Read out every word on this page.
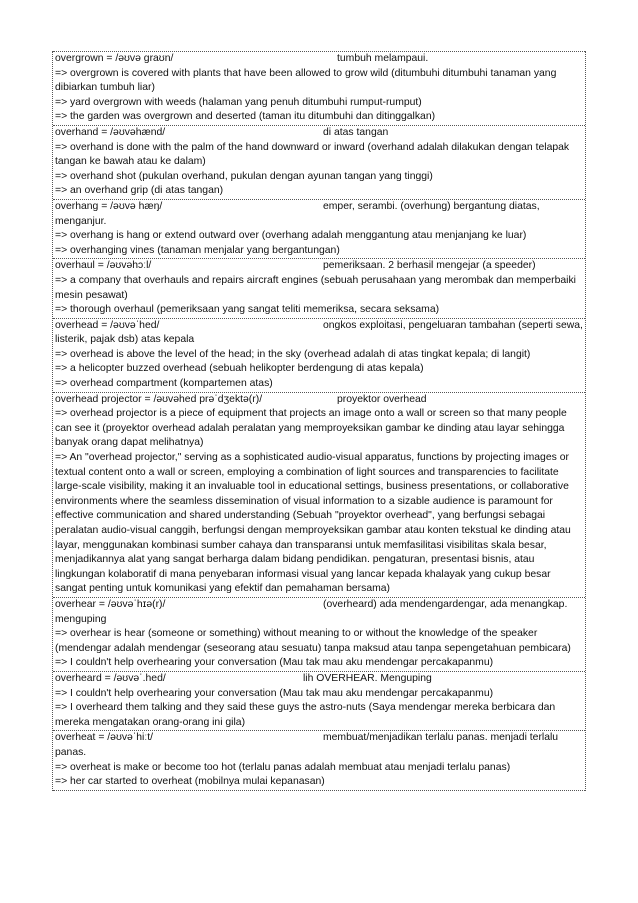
overgrown = /əʊvə graʊn/	tumbuh melampaui.
=> overgrown is covered with plants that have been allowed to grow wild (ditumbuhi ditumbuhi tanaman yang dibiarkan tumbuh liar)
=> yard overgrown with weeds (halaman yang penuh ditumbuhi rumput-rumput)
=> the garden was overgrown and deserted (taman itu ditumbuhi dan ditinggalkan)
overhand = /əʊvəhænd/	di atas tangan
=> overhand is done with the palm of the hand downward or inward (overhand adalah dilakukan dengan telapak tangan ke bawah atau ke dalam)
=> overhand shot (pukulan overhand, pukulan dengan ayunan tangan yang tinggi)
=> an overhand grip (di atas tangan)
overhang = /əʊvə hæŋ/	emper, serambi. (overhung) bergantung diatas, menganjur.
=> overhang is hang or extend outward over (overhang adalah menggantung atau menjanjang ke luar)
=> overhanging vines (tanaman menjalar yang bergantungan)
overhaul = /əʊvəhɔːl/	pemeriksaan. 2 berhasil mengejar (a speeder)
=> a company that overhauls and repairs aircraft engines (sebuah perusahaan yang merombak dan memperbaiki mesin pesawat)
=> thorough overhaul (pemeriksaan yang sangat teliti memeriksa, secara seksama)
overhead = /əʊvəˈhed/	ongkos exploitasi, pengeluaran tambahan (seperti sewa, listerik, pajak dsb) atas kepala
=> overhead is above the level of the head; in the sky (overhead adalah di atas tingkat kepala; di langit)
=> a helicopter buzzed overhead (sebuah helikopter berdengung di atas kepala)
=> overhead compartment (kompartemen atas)
overhead projector = /əʊvəhed prəˈdʒektə(r)/	proyektor overhead
=> overhead projector is a piece of equipment that projects an image onto a wall or screen so that many people can see it (proyektor overhead adalah peralatan yang memproyeksikan gambar ke dinding atau layar sehingga banyak orang dapat melihatnya)
=> An "overhead projector," serving as a sophisticated audio-visual apparatus, functions by projecting images or textual content onto a wall or screen, employing a combination of light sources and transparencies to facilitate large-scale visibility, making it an invaluable tool in educational settings, business presentations, or collaborative environments where the seamless dissemination of visual information to a sizable audience is paramount for effective communication and shared understanding (Sebuah "proyektor overhead", yang berfungsi sebagai peralatan audio-visual canggih, berfungsi dengan memproyeksikan gambar atau konten tekstual ke dinding atau layar, menggunakan kombinasi sumber cahaya dan transparansi untuk memfasilitasi visibilitas skala besar, menjadikannya alat yang sangat berharga dalam bidang pendidikan. pengaturan, presentasi bisnis, atau lingkungan kolaboratif di mana penyebaran informasi visual yang lancar kepada khalayak yang cukup besar sangat penting untuk komunikasi yang efektif dan pemahaman bersama)
overhear = /əʊvəˈhɪə(r)/	(overheard) ada mendengardengar, ada menangkap. menguping
=> overhear is hear (someone or something) without meaning to or without the knowledge of the speaker (mendengar adalah mendengar (seseorang atau sesuatu) tanpa maksud atau tanpa sepengetahuan pembicara)
=> I couldn't help overhearing your conversation (Mau tak mau aku mendengar percakapanmu)
overheard = /əʊvəˈ.hed/	lih OVERHEAR. Menguping
=> I couldn't help overhearing your conversation (Mau tak mau aku mendengar percakapanmu)
=> I overheard them talking and they said these guys the astro-nuts (Saya mendengar mereka berbicara dan mereka mengatakan orang-orang ini gila)
overheat = /əʊvəˈhiːt/	membuat/menjadikan terlalu panas. menjadi terlalu panas.
=> overheat is make or become too hot (terlalu panas adalah membuat atau menjadi terlalu panas)
=> her car started to overheat (mobilnya mulai kepanasan)
